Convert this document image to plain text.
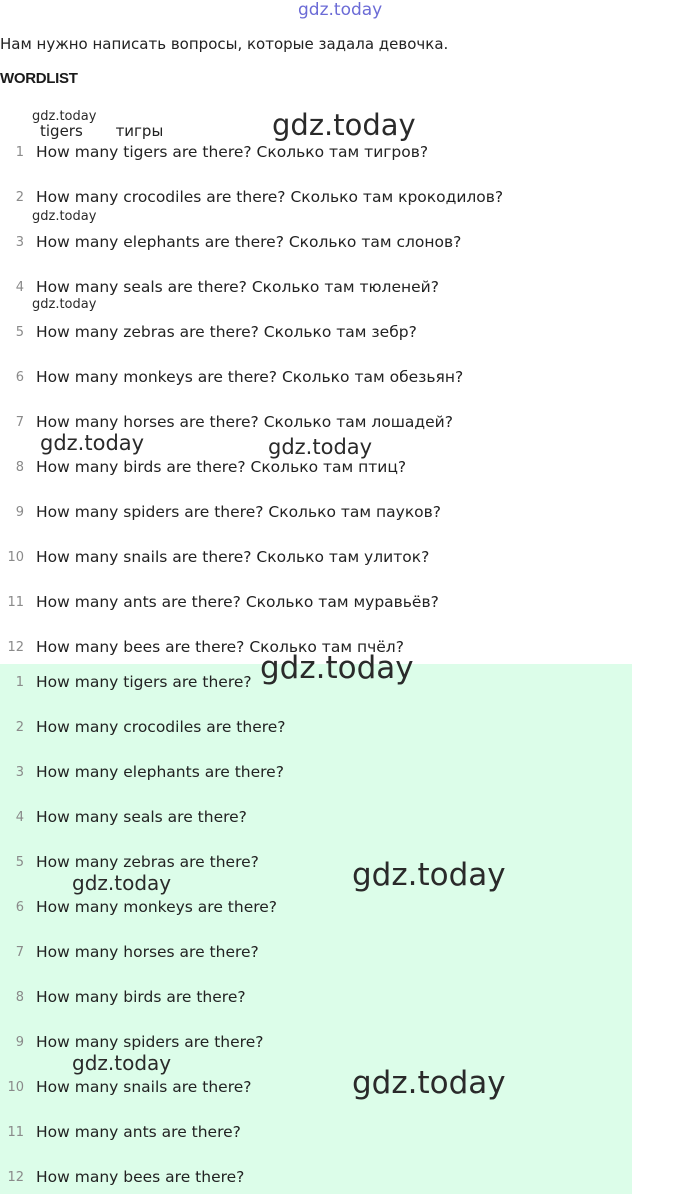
gdz.today
Нам нужно написать вопросы, которые задала девочка.
WORDLIST
tigers тигры
1 How many tigers are there? Сколько там тигров?
2 How many crocodiles are there? Сколько там крокодилов?
3 How many elephants are there? Сколько там слонов?
4 How many seals are there? Сколько там тюленей?
5 How many zebras are there? Сколько там зебр?
6 How many monkeys are there? Сколько там обезьян?
7 How many horses are there? Сколько там лошадей?
8 How many birds are there? Сколько там птиц?
9 How many spiders are there? Сколько там пауков?
10 How many snails are there? Сколько там улиток?
11 How many ants are there? Сколько там муравьёв?
12 How many bees are there? Сколько там пчёл?
1 How many tigers are there?
2 How many crocodiles are there?
3 How many elephants are there?
4 How many seals are there?
5 How many zebras are there?
6 How many monkeys are there?
7 How many horses are there?
8 How many birds are there?
9 How many spiders are there?
10 How many snails are there?
11 How many ants are there?
12 How many bees are there?
gdz.today	gdz.today
gdz.today
gdz.today
gdz.today	gdz.today
gdz.today
gdz.today
gdz.today
gdz.today
gdz.today
